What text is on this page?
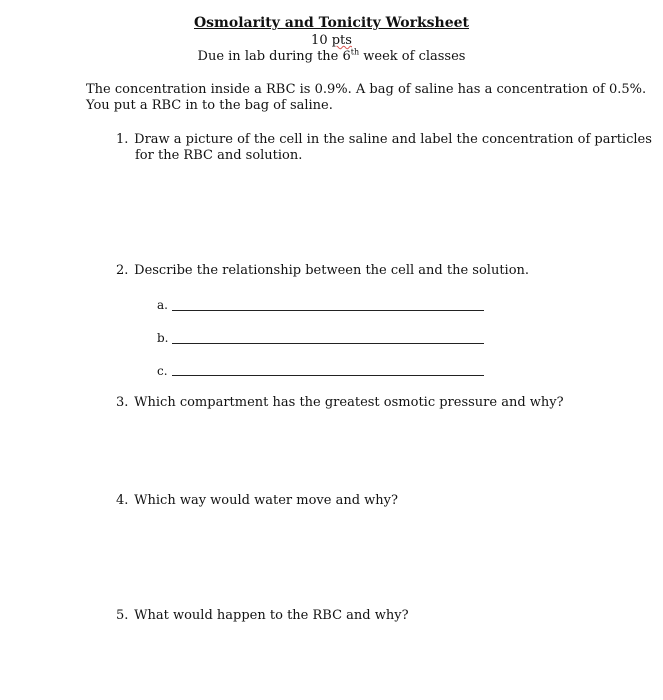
Osmolarity and Tonicity Worksheet
10 pts
Due in lab during the 6th week of classes
The concentration inside a RBC is 0.9%. A bag of saline has a concentration of 0.5%.
You put a RBC in to the bag of saline.
1. Draw a picture of the cell in the saline and label the concentration of particles
for the RBC and solution.
2. Describe the relationship between the cell and the solution.
a.
b.
c.
3. Which compartment has the greatest osmotic pressure and why?
4. Which way would water move and why?
5. What would happen to the RBC and why?
